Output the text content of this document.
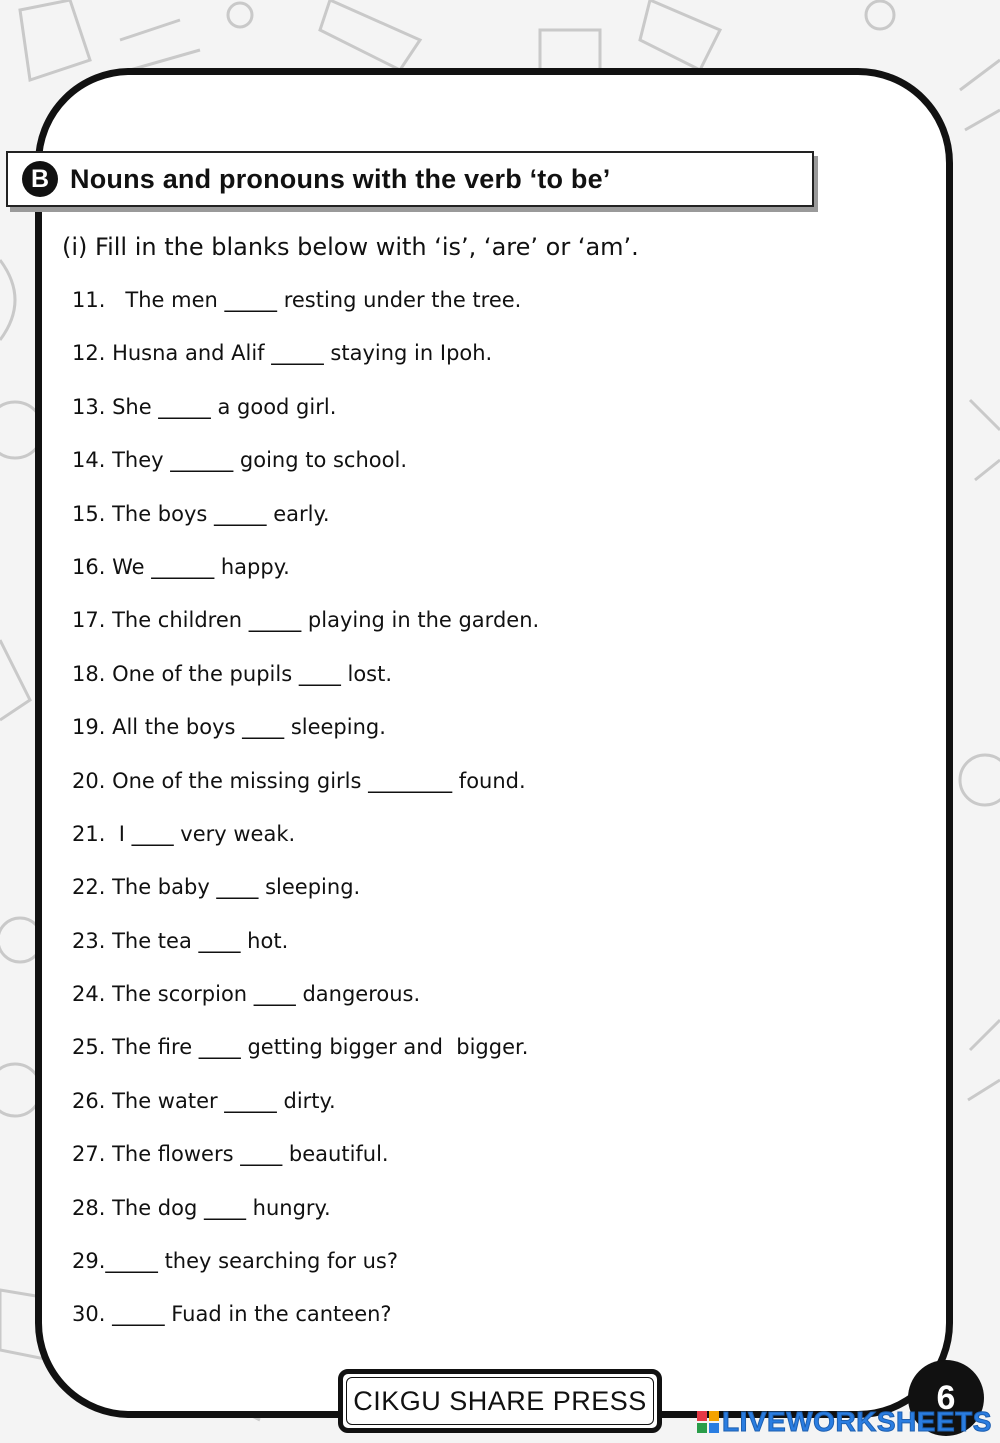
B Nouns and pronouns with the verb ‘to be’
(i) Fill in the blanks below with ‘is’, ‘are’ or ‘am’.
11.   The men _____ resting under the tree.
12. Husna and Alif _____ staying in Ipoh.
13. She _____ a good girl.
14. They ______ going to school.
15. The boys _____ early.
16. We ______ happy.
17. The children _____ playing in the garden.
18. One of the pupils ____ lost.
19. All the boys ____ sleeping.
20. One of the missing girls ________ found.
21.  I ____ very weak.
22. The baby ____ sleeping.
23. The tea ____ hot.
24. The scorpion ____ dangerous.
25. The fire ____ getting bigger and  bigger.
26. The water _____ dirty.
27. The flowers ____ beautiful.
28. The dog ____ hungry.
29._____ they searching for us?
30. _____ Fuad in the canteen?
CIKGU SHARE PRESS	6
LIVEWORKSHEETS
